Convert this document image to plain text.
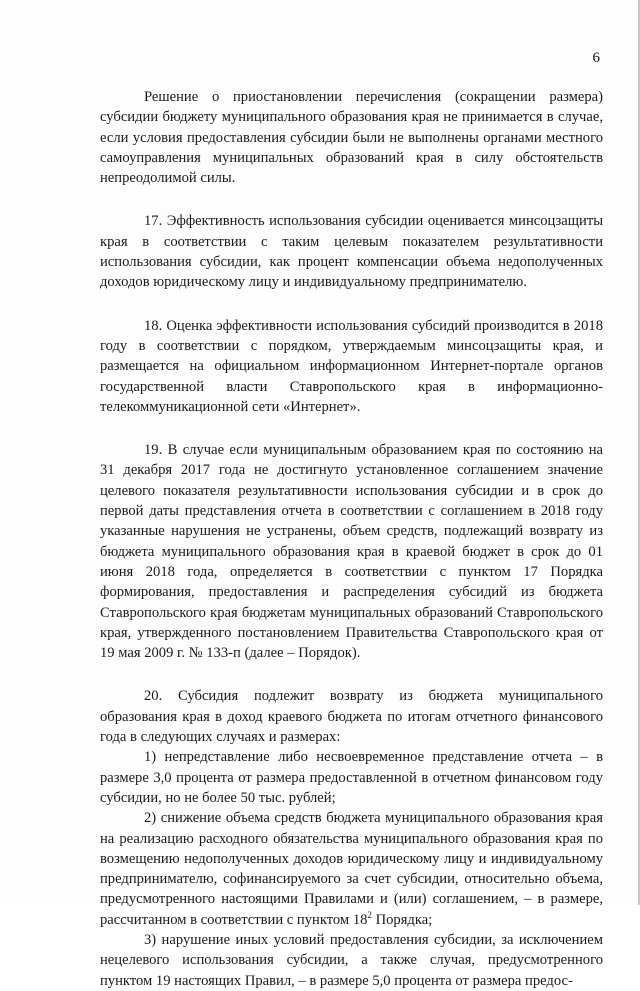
6

Решение о приостановлении перечисления (сокращении размера) субсидии бюджету муниципального образования края не принимается в случае, если условия предоставления субсидии были не выполнены органами местного самоуправления муниципальных образований края в силу обстоятельств непреодолимой силы.

17. Эффективность использования субсидии оценивается минсоцзащиты края в соответствии с таким целевым показателем результативности использования субсидии, как процент компенсации объема недополученных доходов юридическому лицу и индивидуальному предпринимателю.

18. Оценка эффективности использования субсидий производится в 2018 году в соответствии с порядком, утверждаемым минсоцзащиты края, и размещается на официальном информационном Интернет-портале органов государственной власти Ставропольского края в информационно-телекоммуникационной сети «Интернет».

19. В случае если муниципальным образованием края по состоянию на 31 декабря 2017 года не достигнуто установленное соглашением значение целевого показателя результативности использования субсидии и в срок до первой даты представления отчета в соответствии с соглашением в 2018 году указанные нарушения не устранены, объем средств, подлежащий возврату из бюджета муниципального образования края в краевой бюджет в срок до 01 июня 2018 года, определяется в соответствии с пунктом 17 Порядка формирования, предоставления и распределения субсидий из бюджета Ставропольского края бюджетам муниципальных образований Ставропольского края, утвержденного постановлением Правительства Ставропольского края от 19 мая 2009 г. № 133-п (далее – Порядок).

20. Субсидия подлежит возврату из бюджета муниципального образования края в доход краевого бюджета по итогам отчетного финансового года в следующих случаях и размерах:

1) непредставление либо несвоевременное представление отчета – в размере 3,0 процента от размера предоставленной в отчетном финансовом году субсидии, но не более 50 тыс. рублей;

2) снижение объема средств бюджета муниципального образования края на реализацию расходного обязательства муниципального образования края по возмещению недополученных доходов юридическому лицу и индивидуальному предпринимателю, софинансируемого за счет субсидии, относительно объема, предусмотренного настоящими Правилами и (или) соглашением, – в размере, рассчитанном в соответствии с пунктом $18^2$ Порядка;

3) нарушение иных условий предоставления субсидии, за исключением нецелевого использования субсидии, а также случая, предусмотренного пунктом 19 настоящих Правил, – в размере 5,0 процента от размера предос-
